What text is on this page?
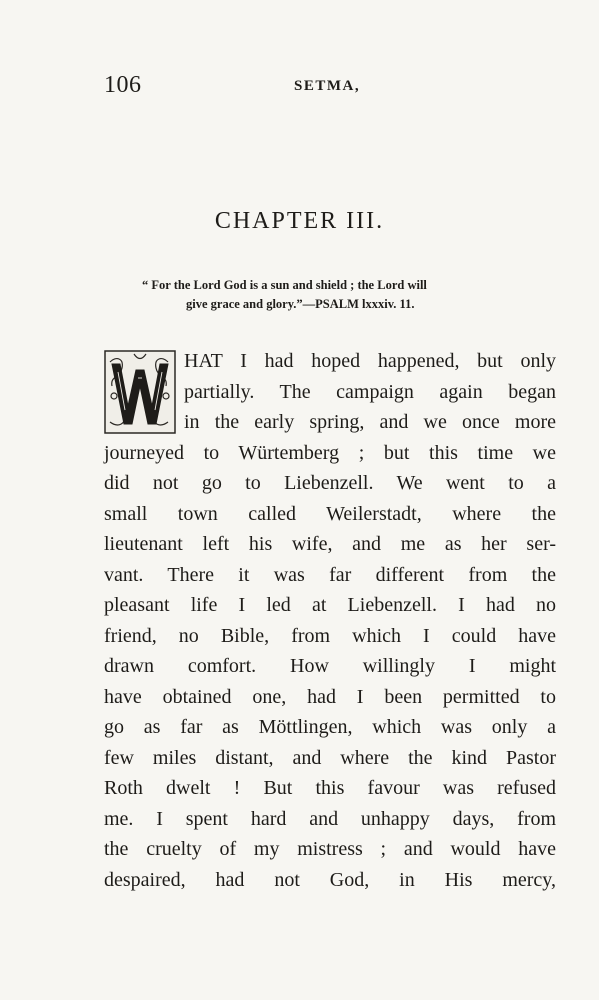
106	SETMA,
CHAPTER III.
“ For the Lord God is a sun and shield ; the Lord will
give grace and glory.”—PSALM lxxxiv. 11.
HAT I had hoped happened, but only
partially. The campaign again began
in the early spring, and we once more
journeyed to Würtemberg ; but this time we
did not go to Liebenzell. We went to a
small town called Weilerstadt, where the
lieutenant left his wife, and me as her ser-
vant. There it was far different from the
pleasant life I led at Liebenzell. I had no
friend, no Bible, from which I could have
drawn comfort. How willingly I might
have obtained one, had I been permitted to
go as far as Möttlingen, which was only a
few miles distant, and where the kind Pastor
Roth dwelt ! But this favour was refused
me. I spent hard and unhappy days, from
the cruelty of my mistress ; and would have
despaired, had not God, in His mercy,
